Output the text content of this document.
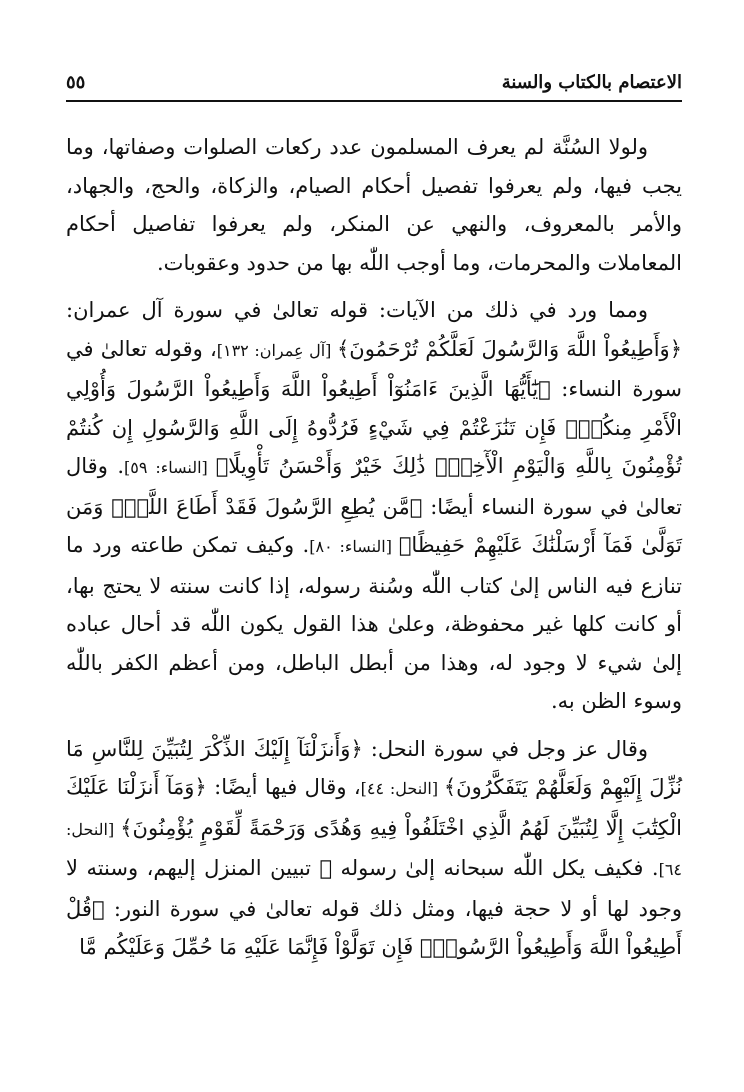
الاعتصام بالكتاب والسنة
٥٥

ولولا السُنَّة لم يعرف المسلمون عدد ركعات الصلوات وصفاتها، وما يجب فيها، ولم يعرفوا تفصيل أحكام الصيام، والزكاة، والحج، والجهاد، والأمر بالمعروف، والنهي عن المنكر، ولم يعرفوا تفاصيل أحكام المعاملات والمحرمات، وما أوجب اللّٰه بها من حدود وعقوبات.

ومما ورد في ذلك من الآيات: قوله تعالىٰ في سورة آل عمران: ﴿وَأَطِيعُواْ اللَّهَ وَالرَّسُولَ لَعَلَّكُمْ تُرْحَمُونَ﴾ [آل عِمران: ١٣٢]، وقوله تعالىٰ في سورة النساء: ﴿يَٰٓأَيُّهَا الَّذِينَ ءَامَنُوٓاْ أَطِيعُواْ اللَّهَ وَأَطِيعُواْ الرَّسُولَ وَأُوْلِي الْأَمْرِ مِنكُمْۖ فَإِن تَنَٰزَعْتُمْ فِي شَيْءٍ فَرُدُّوهُ إِلَى اللَّهِ وَالرَّسُولِ إِن كُنتُمْ تُؤْمِنُونَ بِاللَّهِ وَالْيَوْمِ الْأٓخِرِۚ ذَٰلِكَ خَيْرٌ وَأَحْسَنُ تَأْوِيلًا﴾ [النساء: ٥٩]. وقال تعالىٰ في سورة النساء أيضًا: ﴿مَّن يُطِعِ الرَّسُولَ فَقَدْ أَطَاعَ اللَّهَۖ وَمَن تَوَلَّىٰ فَمَآ أَرْسَلْنَٰكَ عَلَيْهِمْ حَفِيظًا﴾ [النساء: ٨٠]. وكيف تمكن طاعته ورد ما تنازع فيه الناس إلىٰ كتاب اللّٰه وسُنة رسوله، إذا كانت سنته لا يحتج بها، أو كانت كلها غير محفوظة، وعلىٰ هذا القول يكون اللّٰه قد أحال عباده إلىٰ شيء لا وجود له، وهذا من أبطل الباطل، ومن أعظم الكفر باللّٰه وسوء الظن به.

وقال عز وجل في سورة النحل: ﴿وَأَنزَلْنَآ إِلَيْكَ الذِّكْرَ لِتُبَيِّنَ لِلنَّاسِ مَا نُزِّلَ إِلَيْهِمْ وَلَعَلَّهُمْ يَتَفَكَّرُونَ﴾ [النحل: ٤٤]، وقال فيها أيضًا: ﴿وَمَآ أَنزَلْنَا عَلَيْكَ الْكِتَٰبَ إِلَّا لِتُبَيِّنَ لَهُمُ الَّذِي اخْتَلَفُواْ فِيهِ وَهُدًى وَرَحْمَةً لِّقَوْمٍ يُؤْمِنُونَ﴾ [النحل: ٦٤]. فكيف يكل اللّٰه سبحانه إلىٰ رسوله ﷺ تبيين المنزل إليهم، وسنته لا وجود لها أو لا حجة فيها، ومثل ذلك قوله تعالىٰ في سورة النور: ﴿قُلْ أَطِيعُواْ اللَّهَ وَأَطِيعُواْ الرَّسُولَۖ فَإِن تَوَلَّوْاْ فَإِنَّمَا عَلَيْهِ مَا حُمِّلَ وَعَلَيْكُم مَّا
